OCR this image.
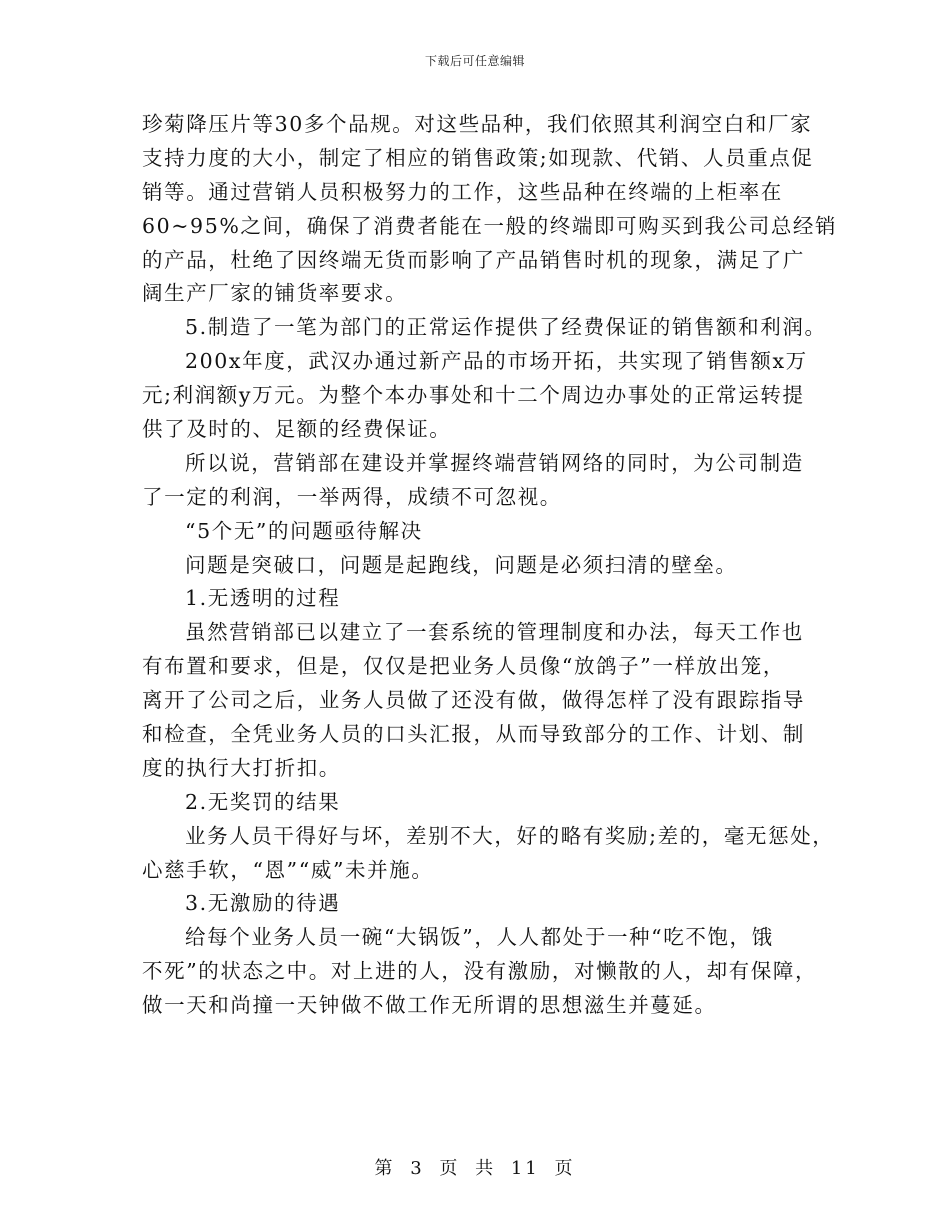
下载后可任意编辑
珍菊降压片等30多个品规。对这些品种，我们依照其利润空白和厂家
支持力度的大小，制定了相应的销售政策;如现款、代销、人员重点促
销等。通过营销人员积极努力的工作，这些品种在终端的上柜率在
60~95%之间，确保了消费者能在一般的终端即可购买到我公司总经销
的产品，杜绝了因终端无货而影响了产品销售时机的现象，满足了广
阔生产厂家的铺货率要求。
5.制造了一笔为部门的正常运作提供了经费保证的销售额和利润。
200x年度，武汉办通过新产品的市场开拓，共实现了销售额x万
元;利润额y万元。为整个本办事处和十二个周边办事处的正常运转提
供了及时的、足额的经费保证。
所以说，营销部在建设并掌握终端营销网络的同时，为公司制造
了一定的利润，一举两得，成绩不可忽视。
“5个无”的问题亟待解决
问题是突破口，问题是起跑线，问题是必须扫清的壁垒。
1.无透明的过程
虽然营销部已以建立了一套系统的管理制度和办法，每天工作也
有布置和要求，但是，仅仅是把业务人员像“放鸽子”一样放出笼，
离开了公司之后，业务人员做了还没有做，做得怎样了没有跟踪指导
和检查，全凭业务人员的口头汇报，从而导致部分的工作、计划、制
度的执行大打折扣。
2.无奖罚的结果
业务人员干得好与坏，差别不大，好的略有奖励;差的，毫无惩处，
心慈手软，“恩”“威”未并施。
3.无激励的待遇
给每个业务人员一碗“大锅饭”，人人都处于一种“吃不饱，饿
不死”的状态之中。对上进的人，没有激励，对懒散的人，却有保障，
做一天和尚撞一天钟做不做工作无所谓的思想滋生并蔓延。
第 3 页 共 11 页
